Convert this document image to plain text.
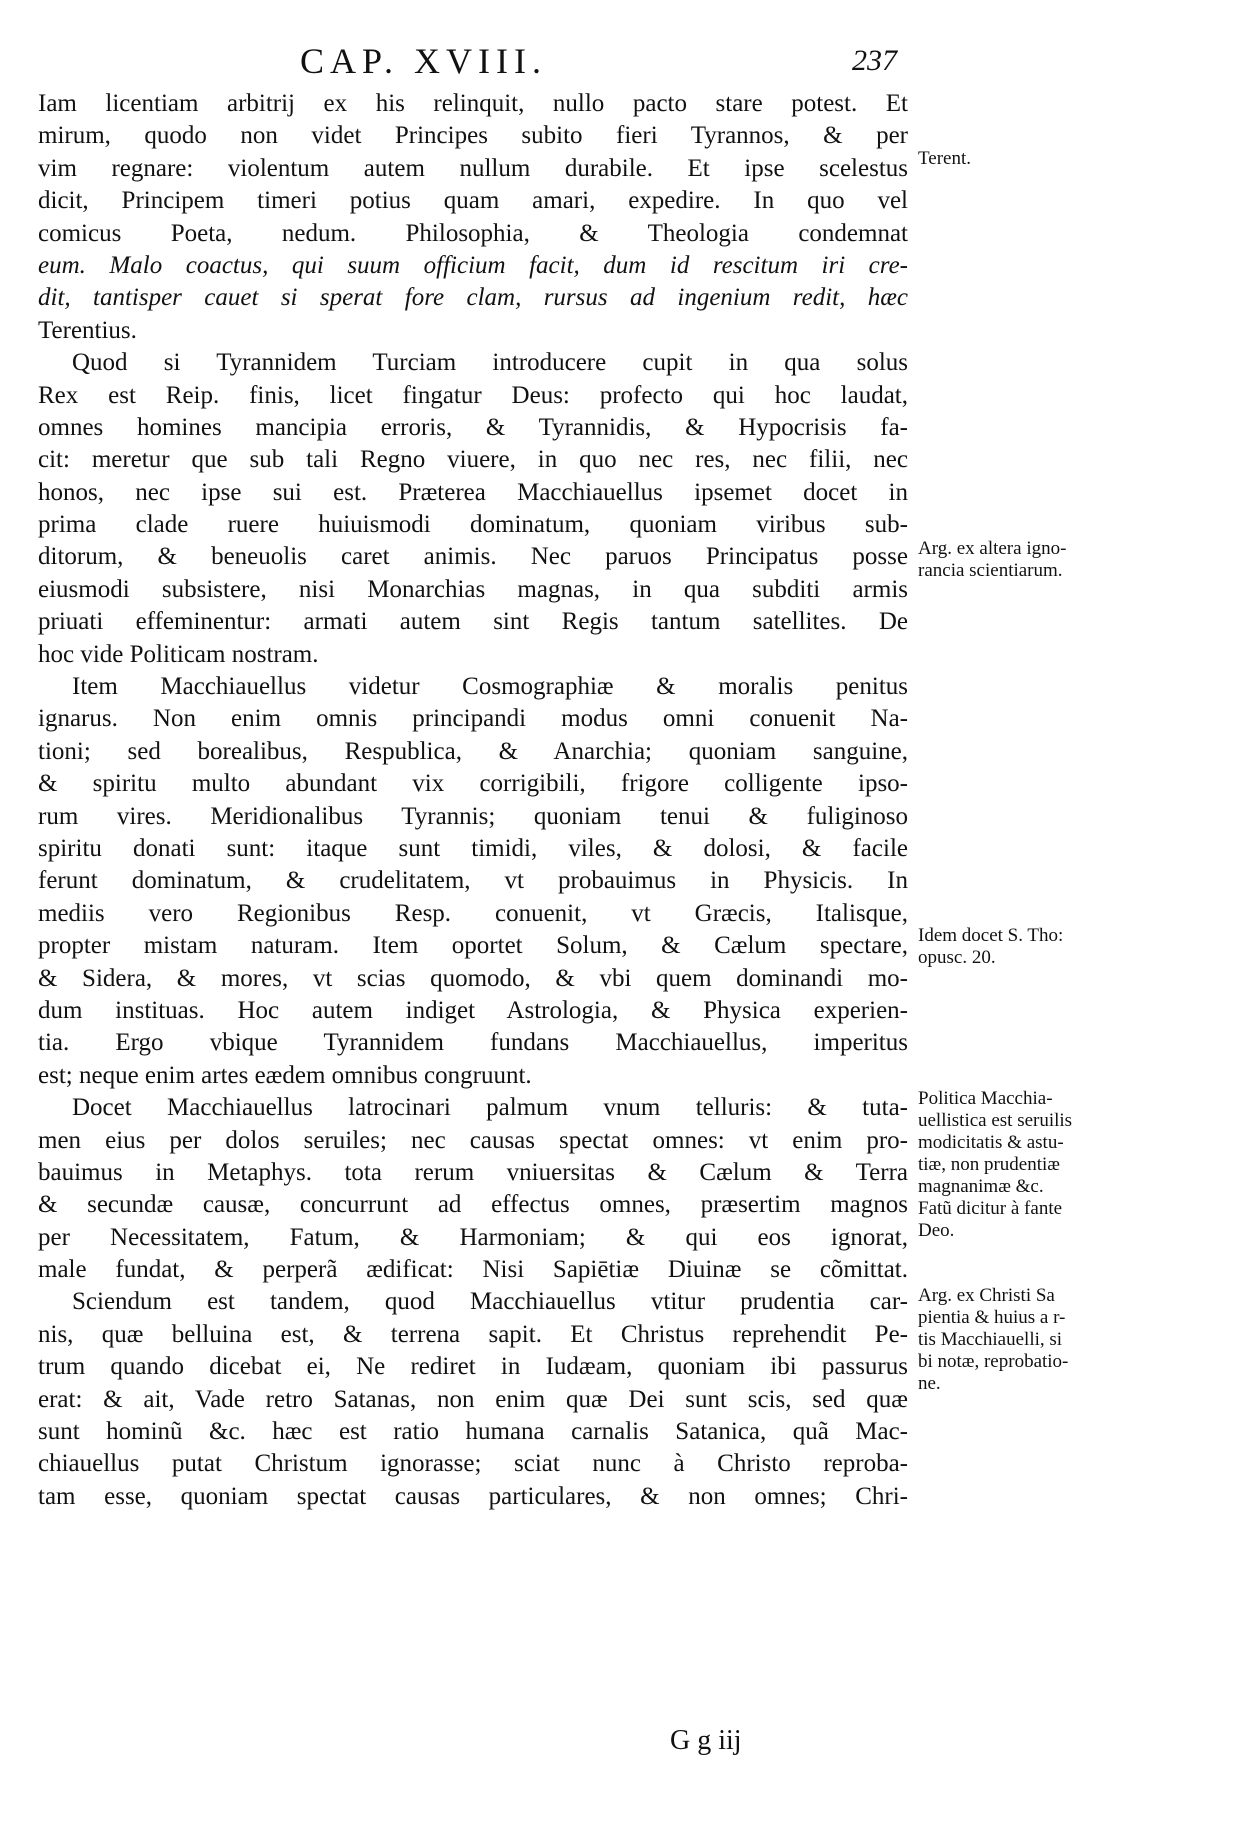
CAP. XVIII.	237
Iam licentiam arbitrij ex his relinquit, nullo pacto stare potest. Et
mirum, quodo non videt Principes subito fieri Tyrannos, & per
vim regnare: violentum autem nullum durabile. Et ipse scelestus
dicit, Principem timeri potius quam amari, expedire. In quo vel
comicus Poeta, nedum. Philosophia, & Theologia condemnat
eum. Malo coactus, qui suum officium facit, dum id rescitum iri cre-
dit, tantisper cauet si sperat fore clam, rursus ad ingenium redit, hæc
Terentius.
Quod si Tyrannidem Turciam introducere cupit in qua solus
Rex est Reip. finis, licet fingatur Deus: profecto qui hoc laudat,
omnes homines mancipia erroris, & Tyrannidis, & Hypocrisis fa-
cit: meretur que sub tali Regno viuere, in quo nec res, nec filii, nec
honos, nec ipse sui est. Præterea Macchiauellus ipsemet docet in
prima clade ruere huiuismodi dominatum, quoniam viribus sub-
ditorum, & beneuolis caret animis. Nec paruos Principatus posse
eiusmodi subsistere, nisi Monarchias magnas, in qua subditi armis
priuati effeminentur: armati autem sint Regis tantum satellites. De
hoc vide Politicam nostram.
Item Macchiauellus videtur Cosmographiæ & moralis penitus
ignarus. Non enim omnis principandi modus omni conuenit Na-
tioni; sed borealibus, Respublica, & Anarchia; quoniam sanguine,
& spiritu multo abundant vix corrigibili, frigore colligente ipso-
rum vires. Meridionalibus Tyrannis; quoniam tenui & fuliginoso
spiritu donati sunt: itaque sunt timidi, viles, & dolosi, & facile
ferunt dominatum, & crudelitatem, vt probauimus in Physicis. In
mediis vero Regionibus Resp. conuenit, vt Græcis, Italisque,
propter mistam naturam. Item oportet Solum, & Cælum spectare,
& Sidera, & mores, vt scias quomodo, & vbi quem dominandi mo-
dum instituas. Hoc autem indiget Astrologia, & Physica experien-
tia. Ergo vbique Tyrannidem fundans Macchiauellus, imperitus
est; neque enim artes eædem omnibus congruunt.
Docet Macchiauellus latrocinari palmum vnum telluris: & tuta-
men eius per dolos seruiles; nec causas spectat omnes: vt enim pro-
bauimus in Metaphys. tota rerum vniuersitas & Cælum & Terra
& secundæ causæ, concurrunt ad effectus omnes, præsertim magnos
per Necessitatem, Fatum, & Harmoniam; & qui eos ignorat,
male fundat, & perperã ædificat: Nisi Sapiētiæ Diuinæ se cõmittat.
Sciendum est tandem, quod Macchiauellus vtitur prudentia car-
nis, quæ belluina est, & terrena sapit. Et Christus reprehendit Pe-
trum quando dicebat ei, Ne rediret in Iudæam, quoniam ibi passurus
erat: & ait, Vade retro Satanas, non enim quæ Dei sunt scis, sed quæ
sunt hominũ &c. hæc est ratio humana carnalis Satanica, quã Mac-
chiauellus putat Christum ignorasse; sciat nunc à Christo reproba-
tam esse, quoniam spectat causas particulares, & non omnes; Chri-
Terent.
Arg. ex altera igno-
rancia scientiarum.
Idem docet S. Tho:
opusc. 20.
Politica Macchia-
uellistica est seruilis
modicitatis & astu-
tiæ, non prudentiæ
magnanimæ &c.
Fatũ dicitur à fante
Deo.
Arg. ex Christi Sa
pientia & huius a r-
tis Macchiauelli, si
bi notæ, reprobatio-
ne.
G g iij
